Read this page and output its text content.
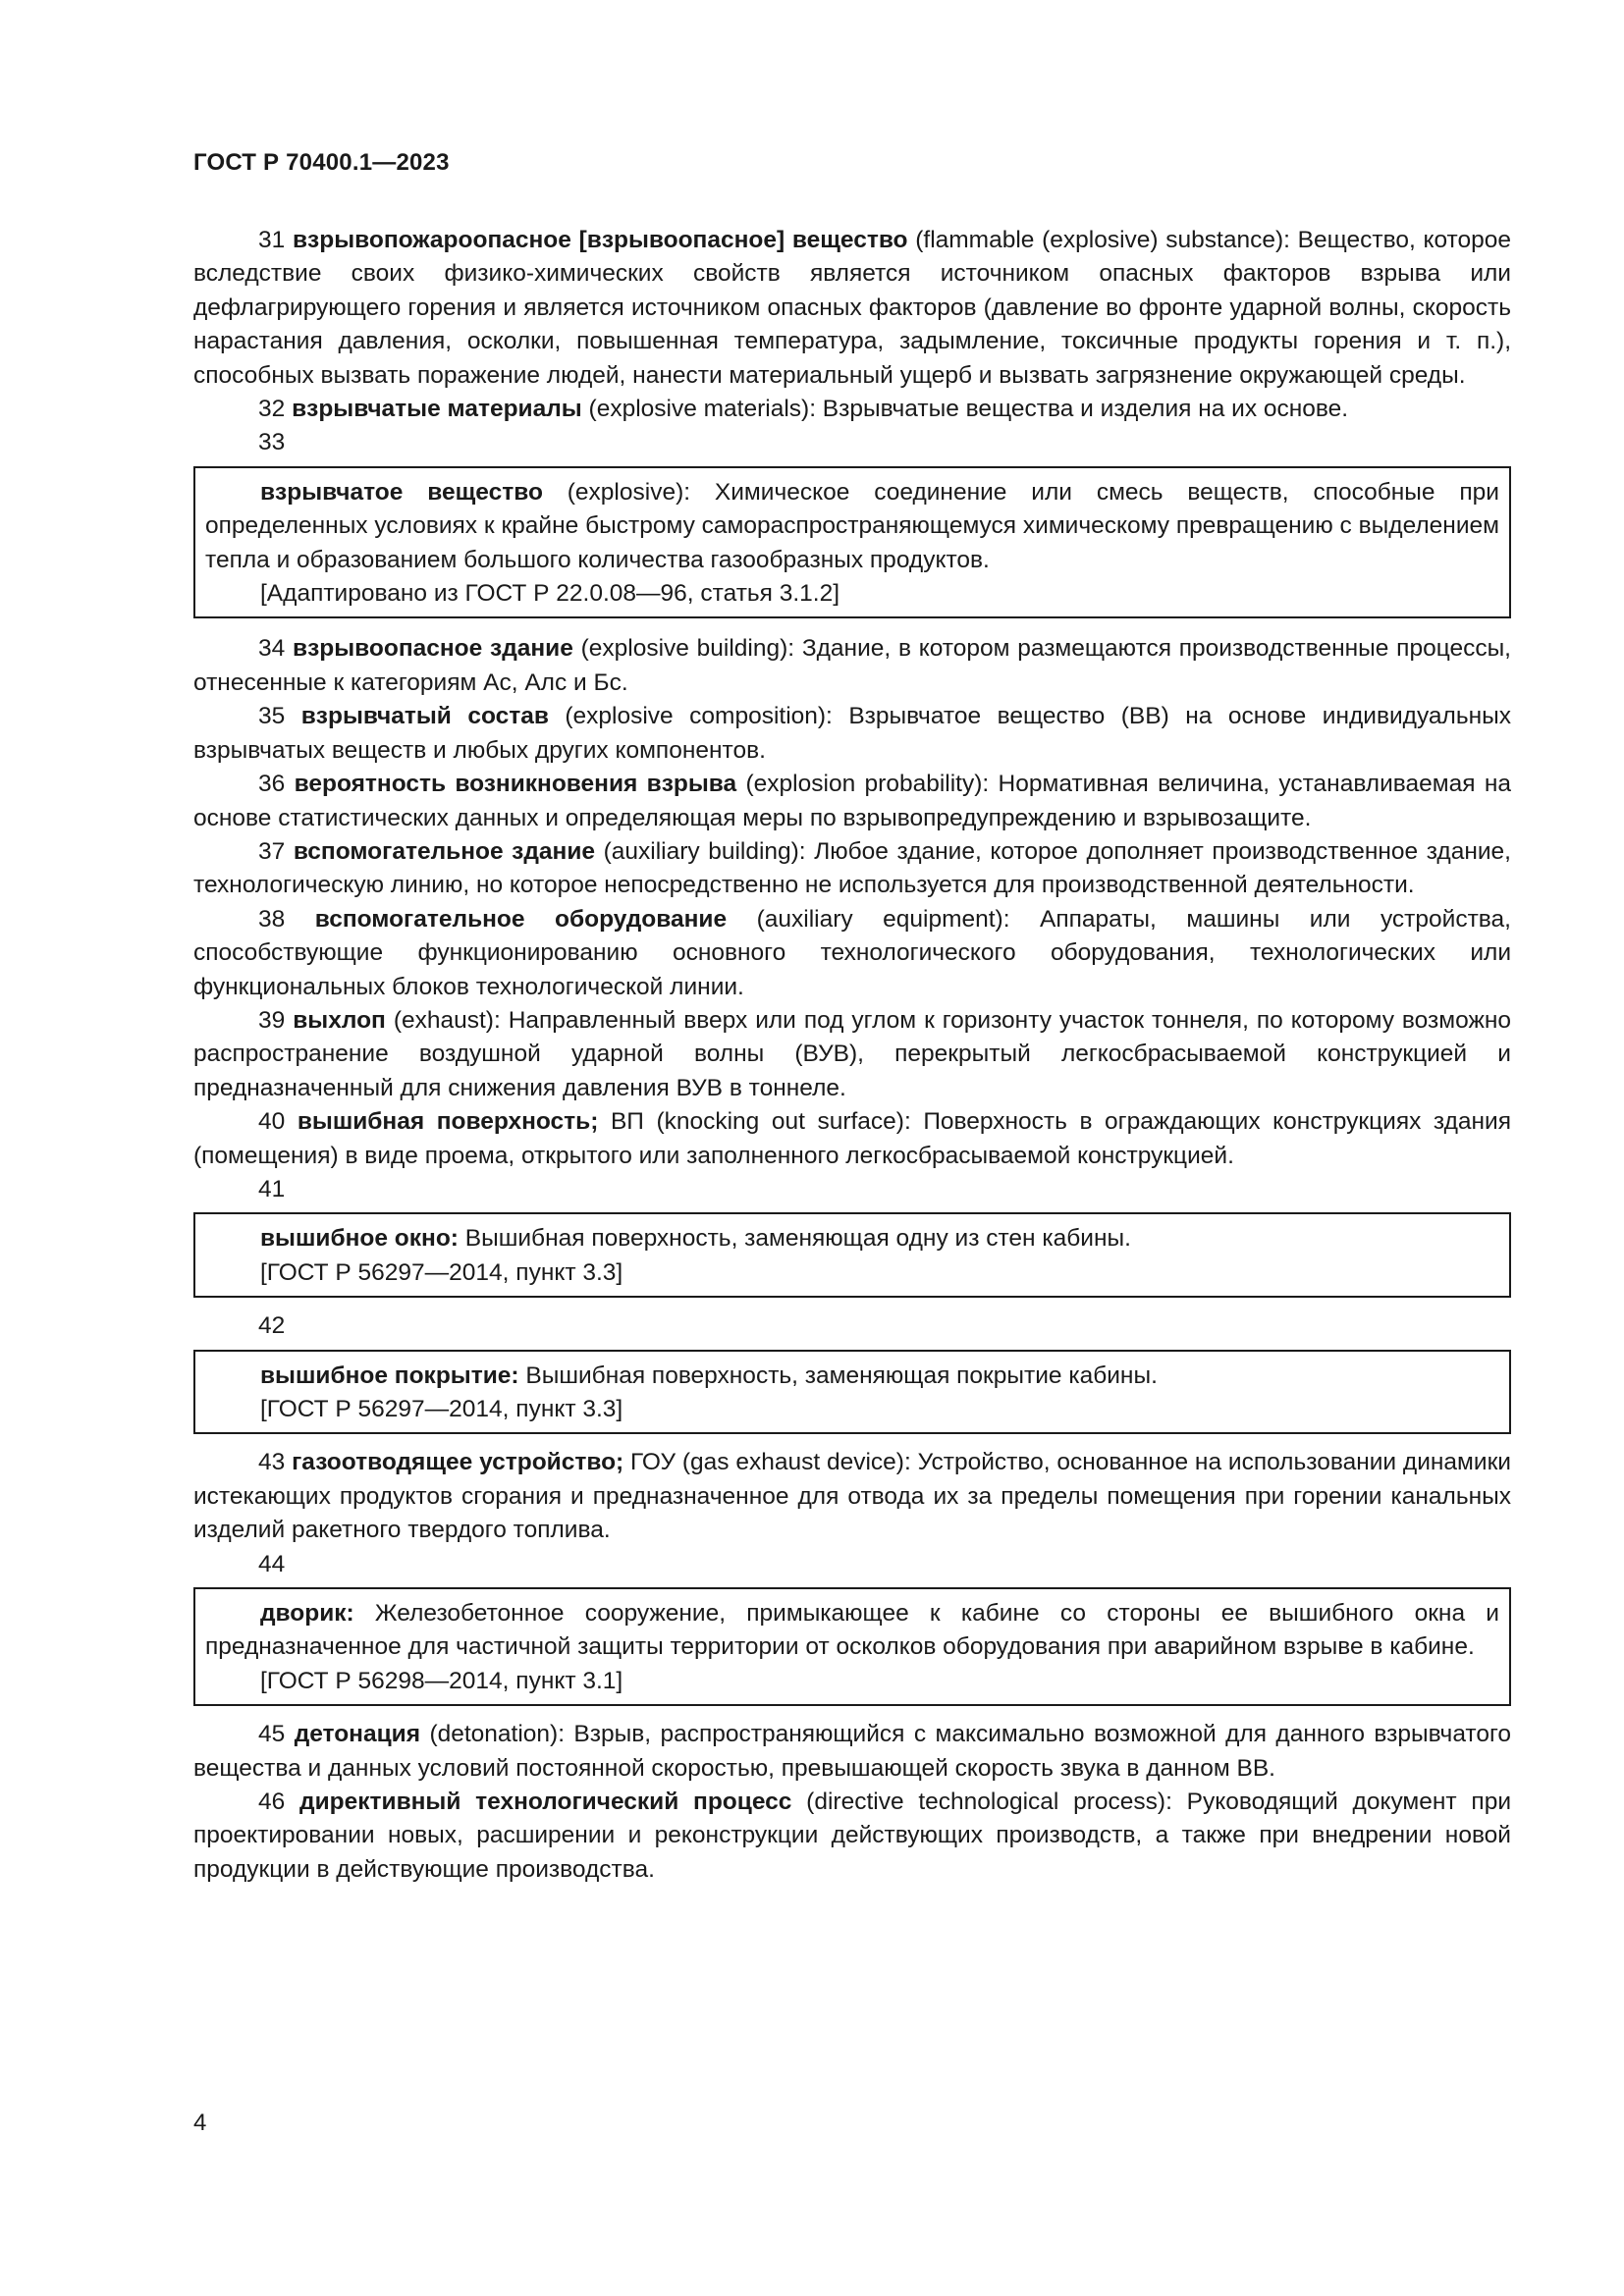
ГОСТ Р 70400.1—2023

31 взрывопожароопасное [взрывоопасное] вещество (flammable (explosive) substance): Вещество, которое вследствие своих физико-химических свойств является источником опасных факторов взрыва или дефлагрирующего горения и является источником опасных факторов (давление во фронте ударной волны, скорость нарастания давления, осколки, повышенная температура, задымление, токсичные продукты горения и т. п.), способных вызвать поражение людей, нанести материальный ущерб и вызвать загрязнение окружающей среды.

32 взрывчатые материалы (explosive materials): Взрывчатые вещества и изделия на их основе.

33

взрывчатое вещество (explosive): Химическое соединение или смесь веществ, способные при определенных условиях к крайне быстрому самораспространяющемуся химическому превращению с выделением тепла и образованием большого количества газообразных продуктов.

[Адаптировано из ГОСТ Р 22.0.08—96, статья 3.1.2]

34 взрывоопасное здание (explosive building): Здание, в котором размещаются производственные процессы, отнесенные к категориям Ас, Алс и Бс.

35 взрывчатый состав (explosive composition): Взрывчатое вещество (ВВ) на основе индивидуальных взрывчатых веществ и любых других компонентов.

36 вероятность возникновения взрыва (explosion probability): Нормативная величина, устанавливаемая на основе статистических данных и определяющая меры по взрывопредупреждению и взрывозащите.

37 вспомогательное здание (auxiliary building): Любое здание, которое дополняет производственное здание, технологическую линию, но которое непосредственно не используется для производственной деятельности.

38 вспомогательное оборудование (auxiliary equipment): Аппараты, машины или устройства, способствующие функционированию основного технологического оборудования, технологических или функциональных блоков технологической линии.

39 выхлоп (exhaust): Направленный вверх или под углом к горизонту участок тоннеля, по которому возможно распространение воздушной ударной волны (ВУВ), перекрытый легкосбрасываемой конструкцией и предназначенный для снижения давления ВУВ в тоннеле.

40 вышибная поверхность; ВП (knocking out surface): Поверхность в ограждающих конструкциях здания (помещения) в виде проема, открытого или заполненного легкосбрасываемой конструкцией.

41

вышибное окно: Вышибная поверхность, заменяющая одну из стен кабины.

[ГОСТ Р 56297—2014, пункт 3.3]

42

вышибное покрытие: Вышибная поверхность, заменяющая покрытие кабины.

[ГОСТ Р 56297—2014, пункт 3.3]

43 газоотводящее устройство; ГОУ (gas exhaust device): Устройство, основанное на использовании динамики истекающих продуктов сгорания и предназначенное для отвода их за пределы помещения при горении канальных изделий ракетного твердого топлива.

44

дворик: Железобетонное сооружение, примыкающее к кабине со стороны ее вышибного окна и предназначенное для частичной защиты территории от осколков оборудования при аварийном взрыве в кабине.

[ГОСТ Р 56298—2014, пункт 3.1]

45 детонация (detonation): Взрыв, распространяющийся с максимально возможной для данного взрывчатого вещества и данных условий постоянной скоростью, превышающей скорость звука в данном ВВ.

46 директивный технологический процесс (directive technological process): Руководящий документ при проектировании новых, расширении и реконструкции действующих производств, а также при внедрении новой продукции в действующие производства.

4
